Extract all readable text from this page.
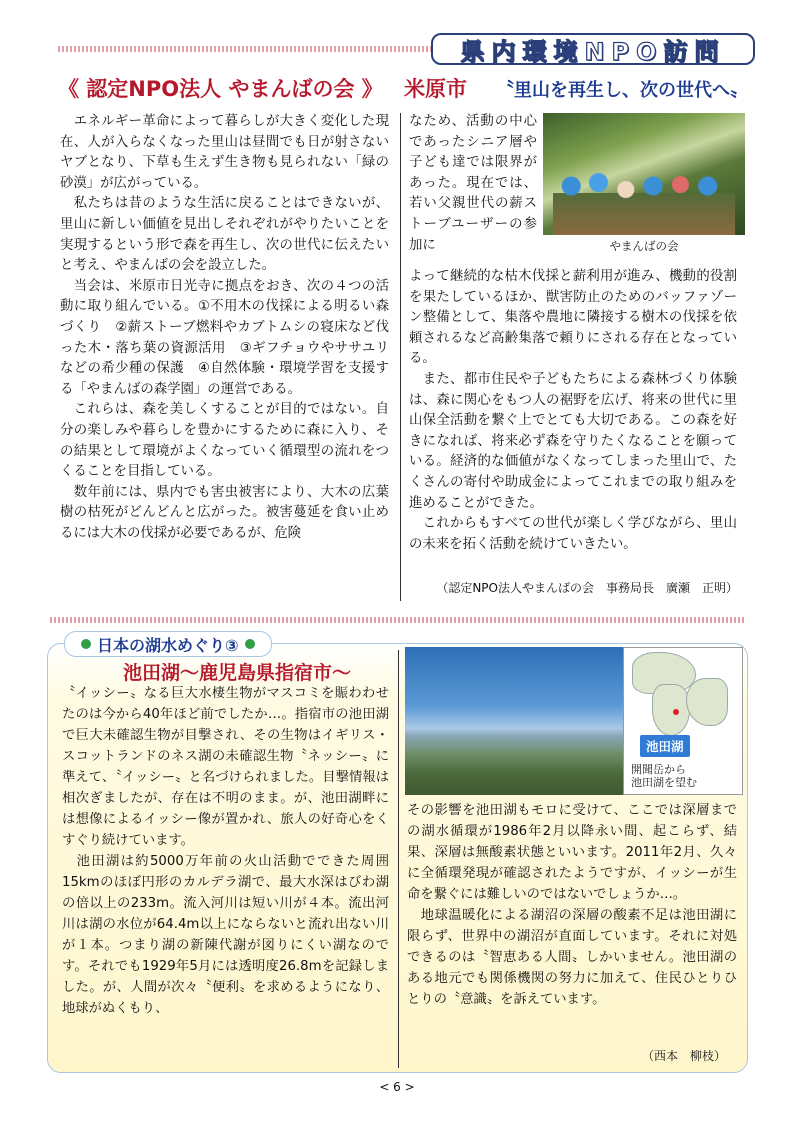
県内環境NPO訪問
《 認定NPO法人 やまんばの会 》 米原市 〝里山を再生し、次の世代へ〟

　エネルギー革命によって暮らしが大きく変化した現在、人が入らなくなった里山は昼間でも日が射さないヤブとなり、下草も生えず生き物も見られない「緑の砂漠」が広がっている。

　私たちは昔のような生活に戻ることはできないが、里山に新しい価値を見出しそれぞれがやりたいことを実現するという形で森を再生し、次の世代に伝えたいと考え、やまんばの会を設立した。

　当会は、米原市日光寺に拠点をおき、次の４つの活動に取り組んでいる。①不用木の伐採による明るい森づくり　②薪ストーブ燃料やカブトムシの寝床など伐った木・落ち葉の資源活用　③ギフチョウやササユリなどの希少種の保護　④自然体験・環境学習を支援する「やまんばの森学園」の運営である。

　これらは、森を美しくすることが目的ではない。自分の楽しみや暮らしを豊かにするために森に入り、その結果として環境がよくなっていく循環型の流れをつくることを目指している。

　数年前には、県内でも害虫被害により、大木の広葉樹の枯死がどんどんと広がった。被害蔓延を食い止めるには大木の伐採が必要であるが、危険

なため、活動の中心であったシニア層や子ども達では限界があった。現在では、若い父親世代の薪ストーブユーザーの参加に	やまんばの会

よって継続的な枯木伐採と薪利用が進み、機動的役割を果たしているほか、獣害防止のためのバッファゾーン整備として、集落や農地に隣接する樹木の伐採を依頼されるなど高齢集落で頼りにされる存在となっている。

　また、都市住民や子どもたちによる森林づくり体験は、森に関心をもつ人の裾野を広げ、将来の世代に里山保全活動を繋ぐ上でとても大切である。この森を好きになれば、将来必ず森を守りたくなることを願っている。経済的な価値がなくなってしまった里山で、たくさんの寄付や助成金によってこれまでの取り組みを進めることができた。

　これからもすべての世代が楽しく学びながら、里山の未来を拓く活動を続けていきたい。

（認定NPO法人やまんばの会　事務局長　廣瀬　正明）
日本の湖水めぐり③
池田湖～鹿児島県指宿市～

〝イッシー〟なる巨大水棲生物がマスコミを賑わわせたのは今から40年ほど前でしたか…。指宿市の池田湖で巨大未確認生物が目撃され、その生物はイギリス・スコットランドのネス湖の未確認生物〝ネッシー〟に準えて、〝イッシー〟と名づけられました。目撃情報は相次ぎましたが、存在は不明のまま。が、池田湖畔には想像によるイッシー像が置かれ、旅人の好奇心をくすぐり続けています。

　池田湖は約5000万年前の火山活動でできた周囲15kmのほぼ円形のカルデラ湖で、最大水深はびわ湖の倍以上の233m。流入河川は短い川が４本。流出河川は湖の水位が64.4m以上にならないと流れ出ない川が１本。つまり湖の新陳代謝が図りにくい湖なのです。それでも1929年5月には透明度26.8mを記録しました。が、人間が次々〝便利〟を求めるようになり、地球がぬくもり、

池田湖
開聞岳から
池田湖を望む

その影響を池田湖もモロに受けて、ここでは深層までの湖水循環が1986年2月以降永い間、起こらず、結果、深層は無酸素状態といいます。2011年2月、久々に全循環発現が確認されたようですが、イッシーが生命を繋ぐには難しいのではないでしょうか…。

　地球温暖化による湖沼の深層の酸素不足は池田湖に限らず、世界中の湖沼が直面しています。それに対処できるのは〝智恵ある人間〟しかいません。池田湖のある地元でも関係機関の努力に加えて、住民ひとりひとりの〝意識〟を訴えています。

（西本　柳枝）
< 6 >
